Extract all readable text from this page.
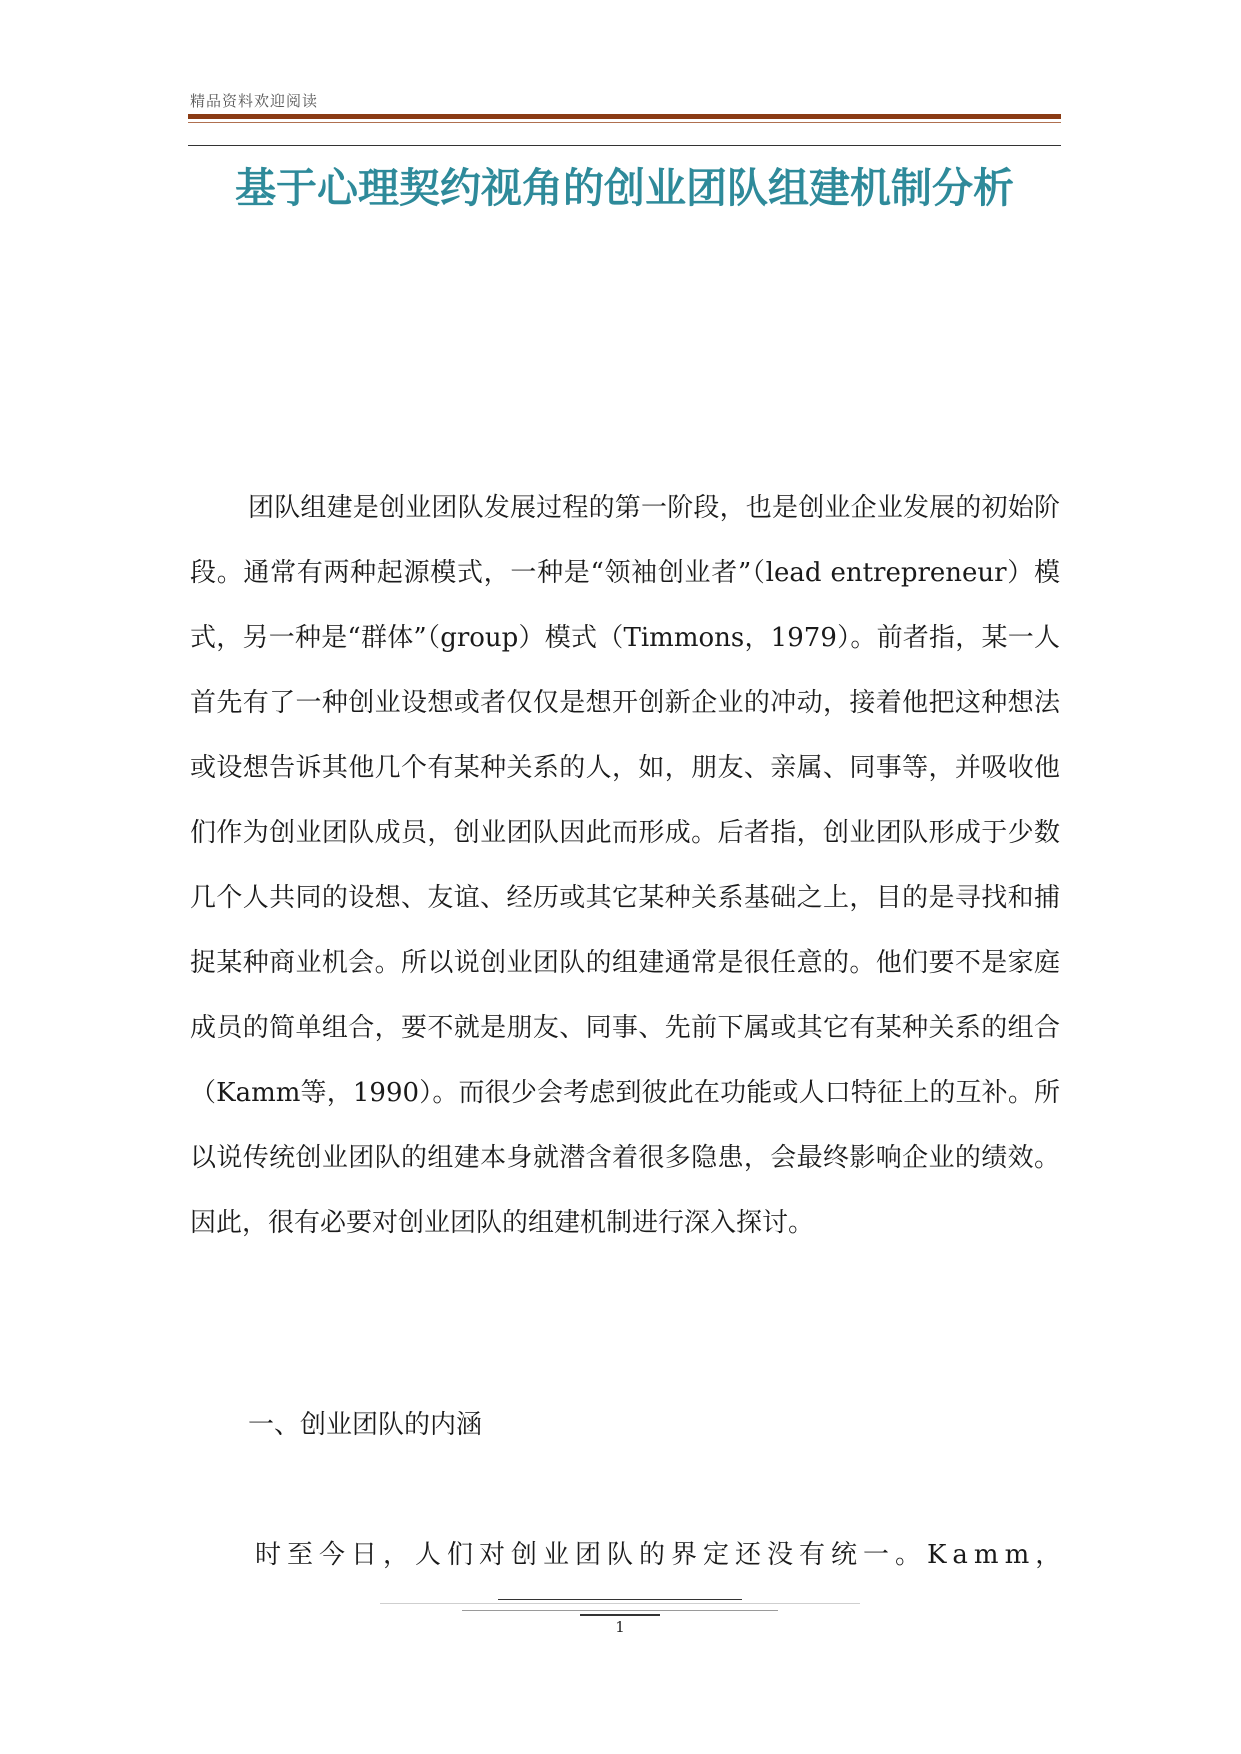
精品资料欢迎阅读
基于心理契约视角的创业团队组建机制分析
团队组建是创业团队发展过程的第一阶段，也是创业企业发展的初始阶段。通常有两种起源模式，一种是“领袖创业者”（lead entrepreneur）模式，另一种是“群体”（group）模式（Timmons，1979）。前者指，某一人首先有了一种创业设想或者仅仅是想开创新企业的冲动，接着他把这种想法或设想告诉其他几个有某种关系的人，如，朋友、亲属、同事等，并吸收他们作为创业团队成员，创业团队因此而形成。后者指，创业团队形成于少数几个人共同的设想、友谊、经历或其它某种关系基础之上，目的是寻找和捕捉某种商业机会。所以说创业团队的组建通常是很任意的。他们要不是家庭成员的简单组合，要不就是朋友、同事、先前下属或其它有某种关系的组合（Kamm等，1990）。而很少会考虑到彼此在功能或人口特征上的互补。所以说传统创业团队的组建本身就潜含着很多隐患，会最终影响企业的绩效。因此，很有必要对创业团队的组建机制进行深入探讨。
一、创业团队的内涵
时至今日，人们对创业团队的界定还没有统一。Kamm，
1
